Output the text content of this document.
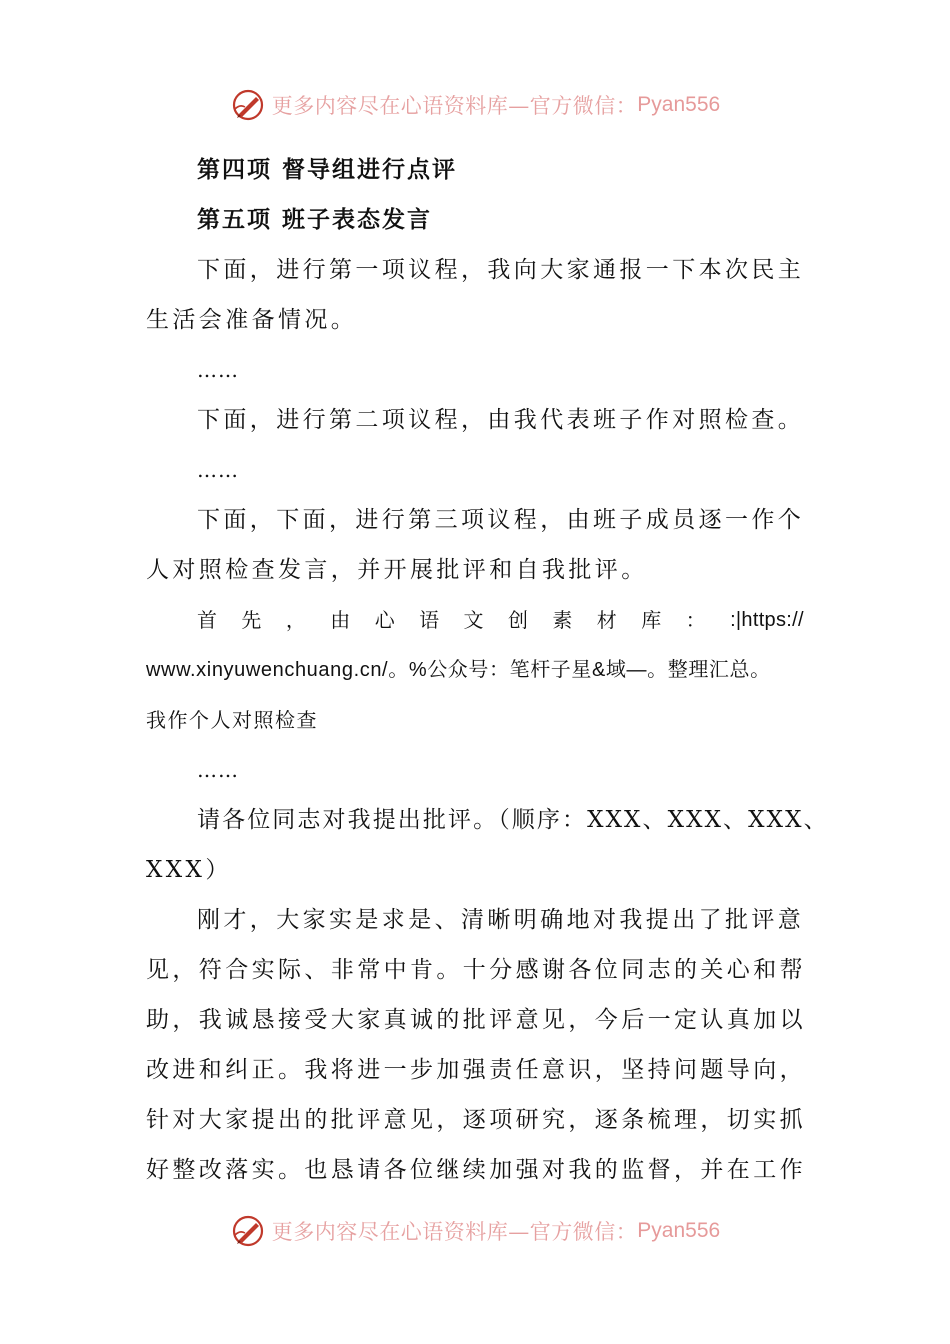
更多内容尽在心语资料库—官方微信： Pyan556
第四项 督导组进行点评
第五项 班子表态发言
下面，进行第一项议程，我向大家通报一下本次民主
生活会准备情况。
……
下面，进行第二项议程，由我代表班子作对照检查。
……
下面，下面，进行第三项议程，由班子成员逐一作个
人对照检查发言，并开展批评和自我批评。
首 先 ， 由 心 语 文 创 素 材 库 ： :|https://
www.xinyuwenchuang.cn/。%公众号：笔杆子星&域—。整理汇总。
我作个人对照检查
……
请各位同志对我提出批评。（顺序：XXX、XXX、XXX、
XXX）
刚才，大家实是求是、清晰明确地对我提出了批评意
见，符合实际、非常中肯。十分感谢各位同志的关心和帮
助，我诚恳接受大家真诚的批评意见，今后一定认真加以
改进和纠正。我将进一步加强责任意识，坚持问题导向，
针对大家提出的批评意见，逐项研究，逐条梳理，切实抓
好整改落实。也恳请各位继续加强对我的监督，并在工作
更多内容尽在心语资料库—官方微信： Pyan556
